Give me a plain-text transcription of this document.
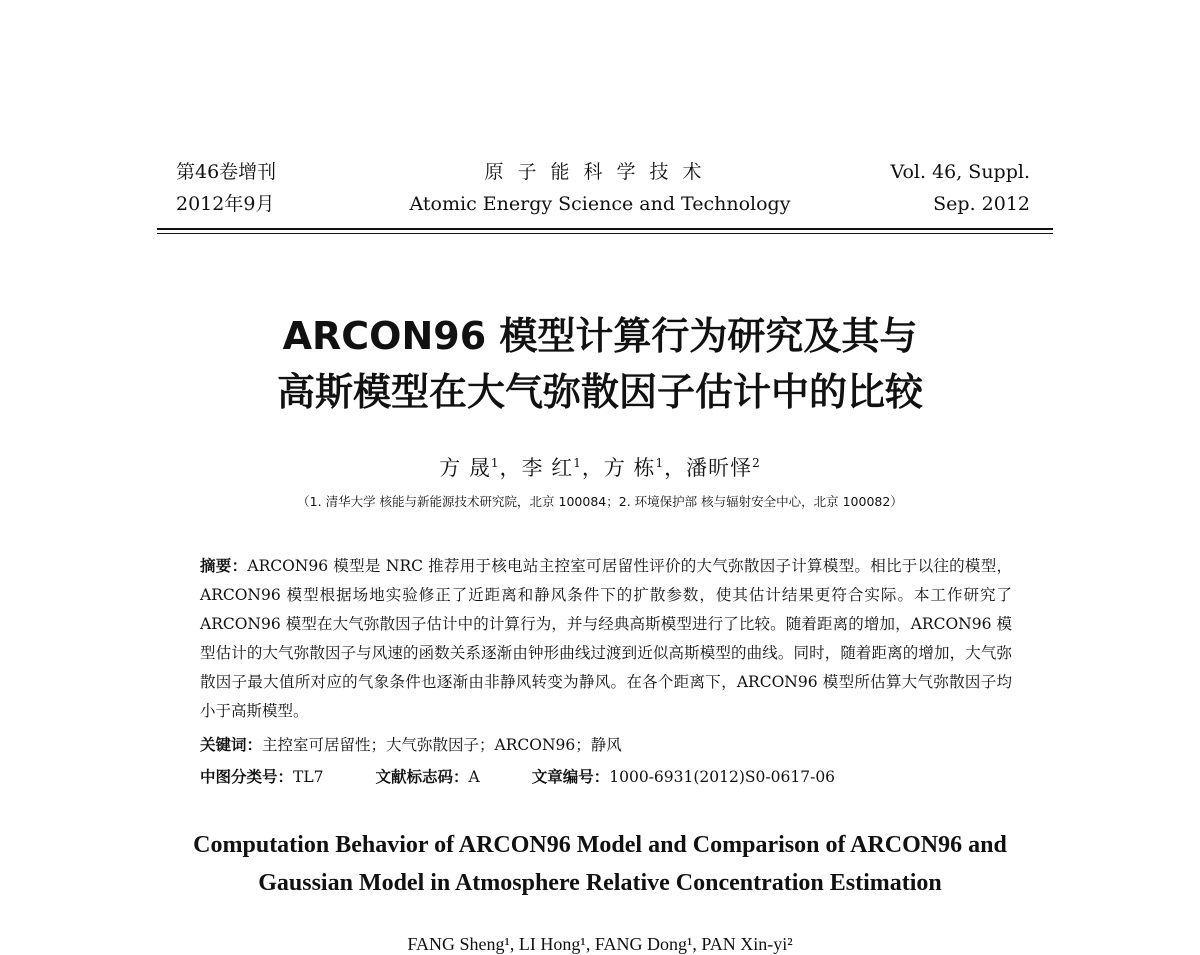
第46卷增刊
2012年9月
原子能科学技术
Atomic Energy Science and Technology
Vol. 46, Suppl.
Sep. 2012
ARCON96 模型计算行为研究及其与
高斯模型在大气弥散因子估计中的比较
方 晟$^1$，李 红$^1$，方 栋$^1$，潘昕怿$^2$
（1. 清华大学 核能与新能源技术研究院，北京 100084；2. 环境保护部 核与辐射安全中心，北京 100082）
摘要：ARCON96 模型是 NRC 推荐用于核电站主控室可居留性评价的大气弥散因子计算模型。相比于以往的模型，ARCON96 模型根据场地实验修正了近距离和静风条件下的扩散参数，使其估计结果更符合实际。本工作研究了 ARCON96 模型在大气弥散因子估计中的计算行为，并与经典高斯模型进行了比较。随着距离的增加，ARCON96 模型估计的大气弥散因子与风速的函数关系逐渐由钟形曲线过渡到近似高斯模型的曲线。同时，随着距离的增加，大气弥散因子最大值所对应的气象条件也逐渐由非静风转变为静风。在各个距离下，ARCON96 模型所估算大气弥散因子均小于高斯模型。
关键词：主控室可居留性；大气弥散因子；ARCON96；静风
中图分类号：TL7	文献标志码：A	文章编号：1000-6931(2012)S0-0617-06
Computation Behavior of ARCON96 Model and Comparison of ARCON96 and
Gaussian Model in Atmosphere Relative Concentration Estimation
FANG Sheng¹, LI Hong¹, FANG Dong¹, PAN Xin-yi²
